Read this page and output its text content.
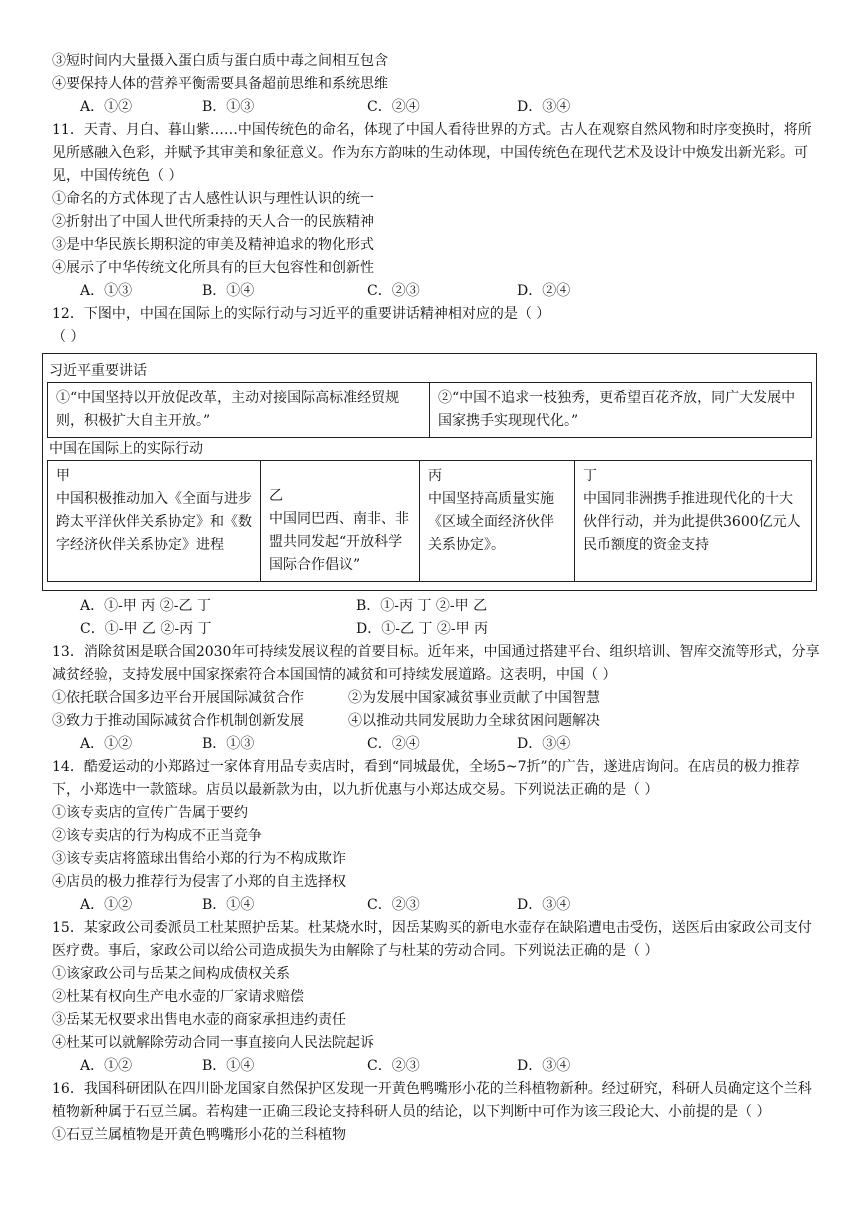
③短时间内大量摄入蛋白质与蛋白质中毒之间相互包含
④要保持人体的营养平衡需要具备超前思维和系统思维
A．①②	B．①③	C．②④	D．③④
11．天青、月白、暮山紫……中国传统色的命名，体现了中国人看待世界的方式。古人在观察自然风物和时序变换时，将所见所感融入色彩，并赋予其审美和象征意义。作为东方韵味的生动体现，中国传统色在现代艺术及设计中焕发出新光彩。可见，中国传统色（ ）
①命名的方式体现了古人感性认识与理性认识的统一
②折射出了中国人世代所秉持的天人合一的民族精神
③是中华民族长期积淀的审美及精神追求的物化形式
④展示了中华传统文化所具有的巨大包容性和创新性
A．①③	B．①④	C．②③	D．②④
12．下图中，中国在国际上的实际行动与习近平的重要讲话精神相对应的是（ ）
（ ）
习近平重要讲话
①“中国坚持以开放促改革，主动对接国际高标准经贸规则，积极扩大自主开放。”	②“中国不追求一枝独秀，更希望百花齐放，同广大发展中国家携手实现现代化。”
中国在国际上的实际行动
甲
中国积极推动加入《全面与进步跨太平洋伙伴关系协定》和《数字经济伙伴关系协定》进程	
乙
中国同巴西、南非、非盟共同发起“开放科学国际合作倡议”	
丙
中国坚持高质量实施《区域全面经济伙伴关系协定》。	
丁
中国同非洲携手推进现代化的十大伙伴行动，并为此提供3600亿元人民币额度的资金支持
A．①-甲 丙 ②-乙 丁	B．①-丙 丁 ②-甲 乙
C．①-甲 乙 ②-丙 丁	D．①-乙 丁 ②-甲 丙
13．消除贫困是联合国2030年可持续发展议程的首要目标。近年来，中国通过搭建平台、组织培训、智库交流等形式，分享减贫经验，支持发展中国家探索符合本国国情的减贫和可持续发展道路。这表明，中国（ ）
①依托联合国多边平台开展国际减贫合作	②为发展中国家减贫事业贡献了中国智慧
③致力于推动国际减贫合作机制创新发展	④以推动共同发展助力全球贫困问题解决
A．①②	B．①③	C．②④	D．③④
14．酷爱运动的小郑路过一家体育用品专卖店时，看到“同城最优，全场5~7折”的广告，遂进店询问。在店员的极力推荐下，小郑选中一款篮球。店员以最新款为由，以九折优惠与小郑达成交易。下列说法正确的是（ ）
①该专卖店的宣传广告属于要约
②该专卖店的行为构成不正当竞争
③该专卖店将篮球出售给小郑的行为不构成欺诈
④店员的极力推荐行为侵害了小郑的自主选择权
A．①②	B．①④	C．②③	D．③④
15．某家政公司委派员工杜某照护岳某。杜某烧水时，因岳某购买的新电水壶存在缺陷遭电击受伤，送医后由家政公司支付医疗费。事后，家政公司以给公司造成损失为由解除了与杜某的劳动合同。下列说法正确的是（ ）
①该家政公司与岳某之间构成债权关系
②杜某有权向生产电水壶的厂家请求赔偿
③岳某无权要求出售电水壶的商家承担违约责任
④杜某可以就解除劳动合同一事直接向人民法院起诉
A．①②	B．①④	C．②③	D．③④
16．我国科研团队在四川卧龙国家自然保护区发现一开黄色鸭嘴形小花的兰科植物新种。经过研究，科研人员确定这个兰科植物新种属于石豆兰属。若构建一正确三段论支持科研人员的结论，以下判断中可作为该三段论大、小前提的是（ ）
①石豆兰属植物是开黄色鸭嘴形小花的兰科植物
